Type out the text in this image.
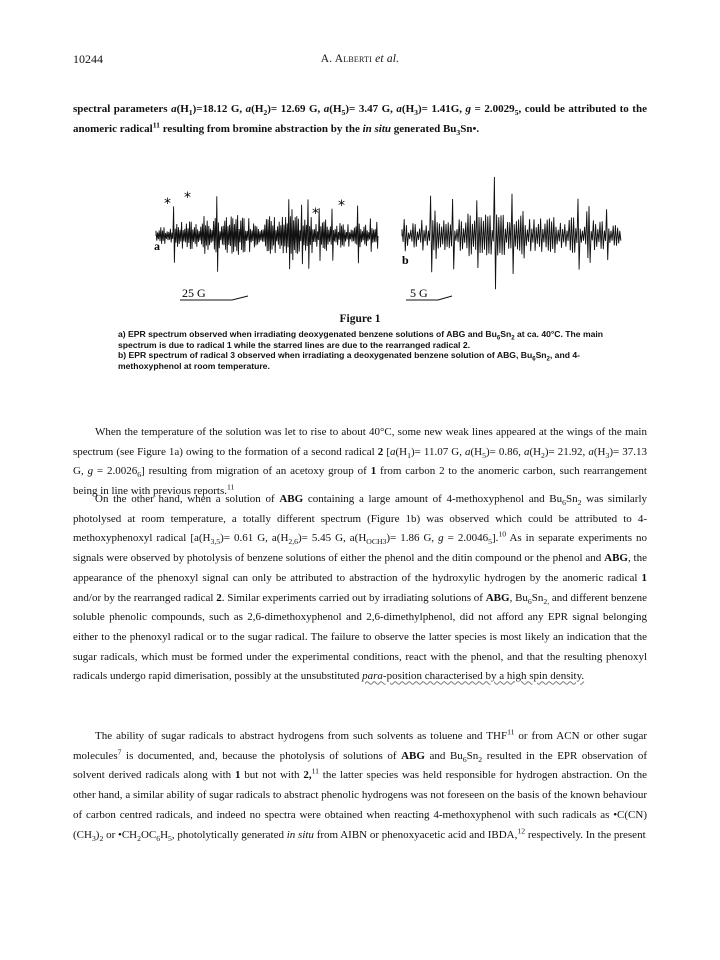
10244	A. Alberti et al.

spectral parameters $a(H_1)=18.12$ G, $a(H_2)= 12.69$ G, $a(H_5)= 3.47$ G, $a(H_3)= 1.41G$, $g = 2.0029_5$, could be attributed to the anomeric radical$^{11}$ resulting from bromine abstraction by the in situ generated $Bu_3Sn•$.

* *
* *
a
25 G
b
5 G
Figure 1

a) EPR spectrum observed when irradiating deoxygenated benzene solutions of ABG and $Bu_6Sn_2$ at ca. 40°C. The main spectrum is due to radical 1 while the starred lines are due to the rearranged radical 2.

b) EPR spectrum of radical 3 observed when irradiating a deoxygenated benzene solution of ABG, $Bu_6Sn_2$, and 4-methoxyphenol at room temperature.

When the temperature of the solution was let to rise to about 40°C, some new weak lines appeared at the wings of the main spectrum (see Figure 1a) owing to the formation of a second radical 2 [$a(H_1)= 11.07$ G, $a(H_5)= 0.86$, $a(H_2)= 21.92$, $a(H_3)= 37.13$ G, $g = 2.0026_6$] resulting from migration of an acetoxy group of 1 from carbon 2 to the anomeric carbon, such rearrangement being in line with previous reports.$^{11}$

On the other hand, when a solution of ABG containing a large amount of 4-methoxyphenol and $Bu_6Sn_2$ was similarly photolysed at room temperature, a totally different spectrum (Figure 1b) was observed which could be attributed to 4-methoxyphenoxyl radical [$a(H_{3,5})= 0.61$ G, $a(H_{2,6})= 5.45$ G, $a(H_{OCH3})= 1.86$ G, $g = 2.0046_5].^{10}$ As in separate experiments no signals were observed by photolysis of benzene solutions of either the phenol and the ditin compound or the phenol and ABG, the appearance of the phenoxyl signal can only be attributed to abstraction of the hydroxylic hydrogen by the anomeric radical 1 and/or by the rearranged radical 2. Similar experiments carried out by irradiating solutions of ABG, $Bu_6Sn_{2,}$ and different benzene soluble phenolic compounds, such as 2,6-dimethoxyphenol and 2,6-dimethylphenol, did not afford any EPR signal belonging either to the phenoxyl radical or to the sugar radical. The failure to observe the latter species is most likely an indication that the sugar radicals, which must be formed under the experimental conditions, react with the phenol, and that the resulting phenoxyl radicals undergo rapid dimerisation, possibly at the unsubstituted para-position characterised by a high spin density.

The ability of sugar radicals to abstract hydrogens from such solvents as toluene and THF$^{11}$ or from ACN or other sugar molecules$^7$ is documented, and, because the photolysis of solutions of ABG and $Bu_6Sn_2$ resulted in the EPR observation of solvent derived radicals along with 1 but not with 2,11 the latter species was held responsible for hydrogen abstraction. On the other hand, a similar ability of sugar radicals to abstract phenolic hydrogens was not foreseen on the basis of the known behaviour of carbon centred radicals, and indeed no spectra were obtained when reacting 4-methoxyphenol with such radicals as $•C(CN)(CH_3)_2$ or $•CH_2OC_6H_5$, photolytically generated in situ from AIBN or phenoxyacetic acid and IBDA,$^{12}$ respectively. In the present
